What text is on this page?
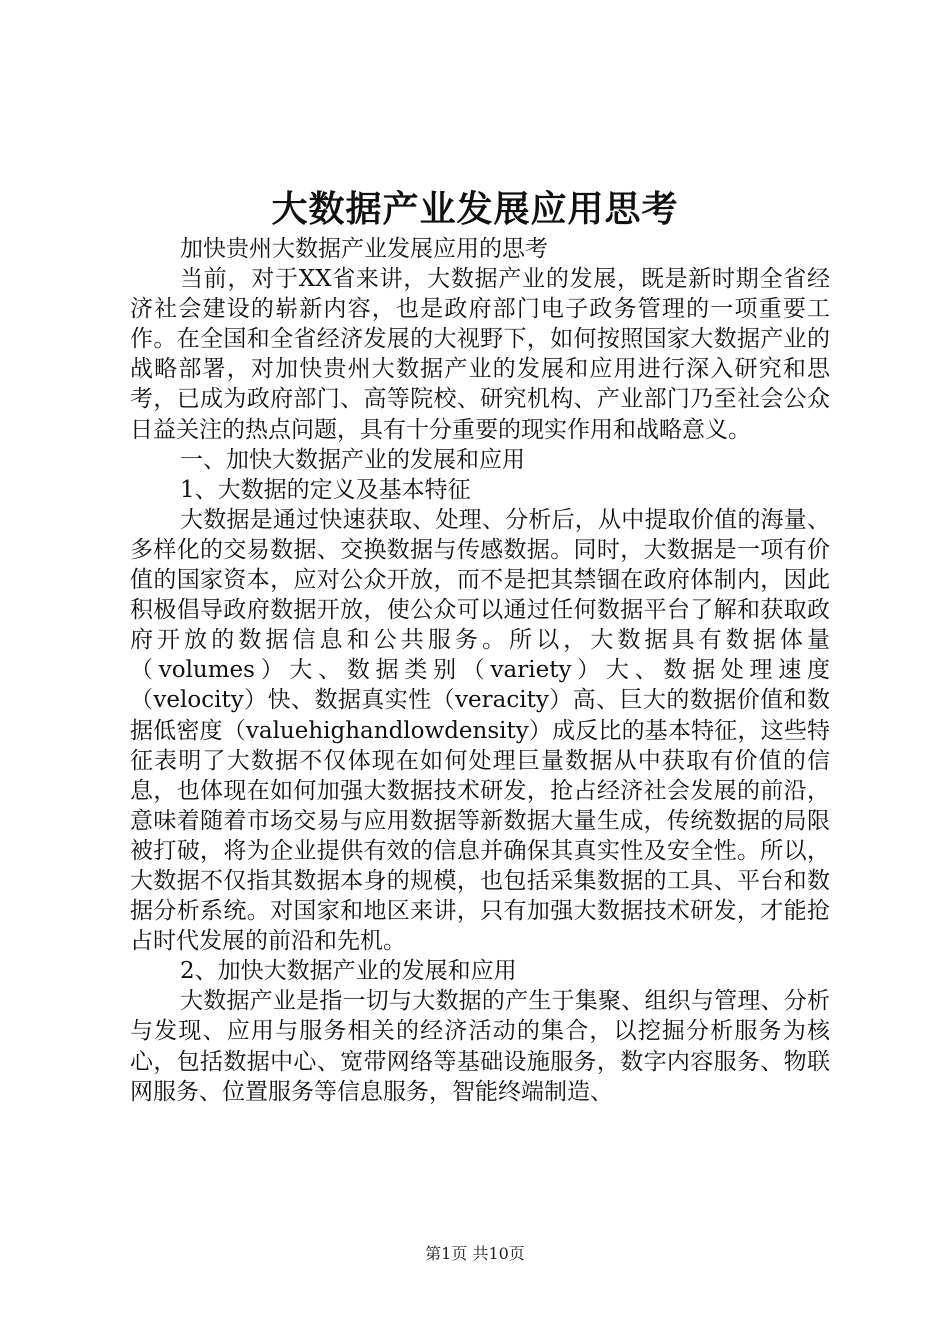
大数据产业发展应用思考

加快贵州大数据产业发展应用的思考

当前，对于XX省来讲，大数据产业的发展，既是新时期全省经济社会建设的崭新内容，也是政府部门电子政务管理的一项重要工作。在全国和全省经济发展的大视野下，如何按照国家大数据产业的战略部署，对加快贵州大数据产业的发展和应用进行深入研究和思考，已成为政府部门、高等院校、研究机构、产业部门乃至社会公众日益关注的热点问题，具有十分重要的现实作用和战略意义。

一、加快大数据产业的发展和应用

1、大数据的定义及基本特征

大数据是通过快速获取、处理、分析后，从中提取价值的海量、多样化的交易数据、交换数据与传感数据。同时，大数据是一项有价值的国家资本，应对公众开放，而不是把其禁锢在政府体制内，因此积极倡导政府数据开放，使公众可以通过任何数据平台了解和获取政府开放的数据信息和公共服务。所以，大数据具有数据体量（volumes）大、数据类别（variety）大、数据处理速度（velocity）快、数据真实性（veracity）高、巨大的数据价值和数据低密度（valuehighandlowdensity）成反比的基本特征，这些特征表明了大数据不仅体现在如何处理巨量数据从中获取有价值的信息，也体现在如何加强大数据技术研发，抢占经济社会发展的前沿，意味着随着市场交易与应用数据等新数据大量生成，传统数据的局限被打破，将为企业提供有效的信息并确保其真实性及安全性。所以，大数据不仅指其数据本身的规模，也包括采集数据的工具、平台和数据分析系统。对国家和地区来讲，只有加强大数据技术研发，才能抢占时代发展的前沿和先机。

2、加快大数据产业的发展和应用

大数据产业是指一切与大数据的产生于集聚、组织与管理、分析与发现、应用与服务相关的经济活动的集合，以挖掘分析服务为核心，包括数据中心、宽带网络等基础设施服务，数字内容服务、物联网服务、位置服务等信息服务，智能终端制造、

第1页 共10页
